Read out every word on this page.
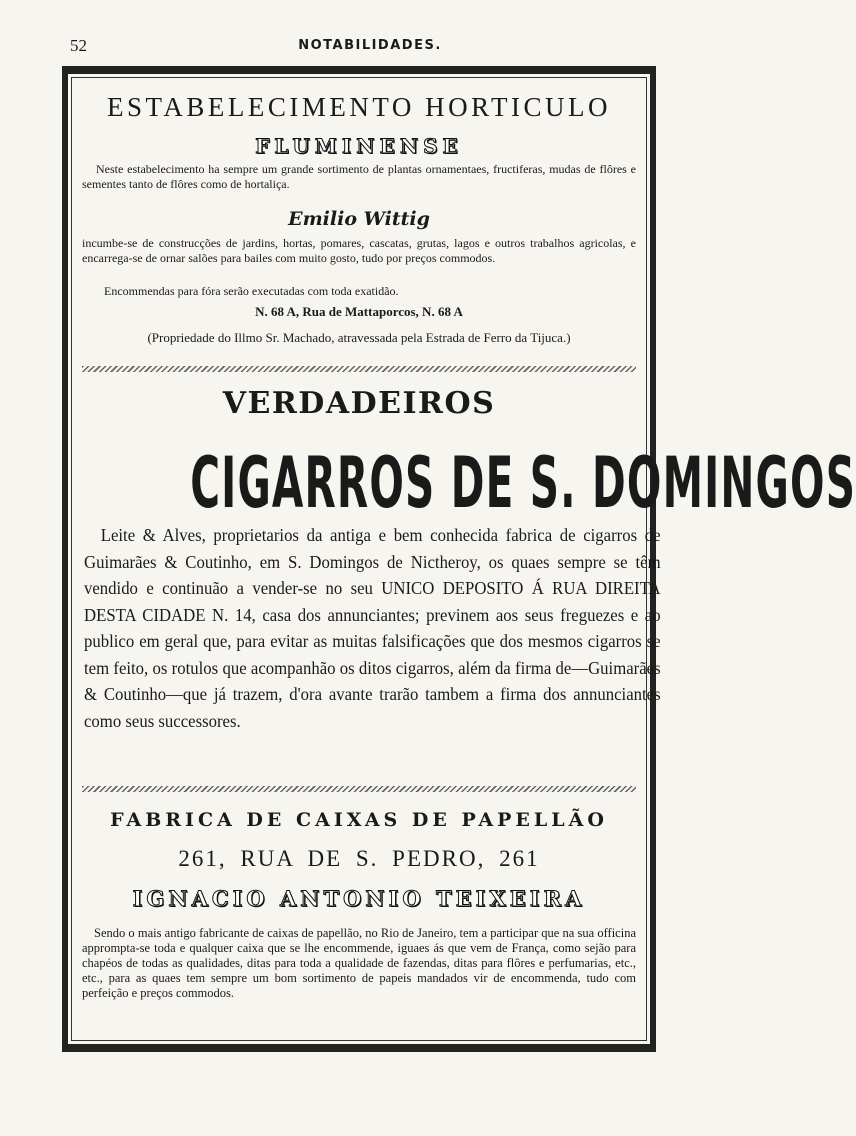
52	NOTABILIDADES.
ESTABELECIMENTO HORTICULO
FLUMINENSE

Neste estabelecimento ha sempre um grande sortimento de plantas ornamentaes, fructiferas, mudas de flôres e sementes tanto de flôres como de hortaliça.

Emilio Wittig

incumbe-se de construcções de jardins, hortas, pomares, cascatas, grutas, lagos e outros trabalhos agricolas, e encarrega-se de ornar salões para bailes com muito gosto, tudo por preços commodos.

Encommendas para fóra serão executadas com toda exatidão.

N. 68 A, Rua de Mattaporcos, N. 68 A
(Propriedade do Illmo Sr. Machado, atravessada pela Estrada de Ferro da Tijuca.)
VERDADEIROS
CIGARROS DE S. DOMINGOS

Leite & Alves, proprietarios da antiga e bem conhecida fabrica de cigarros de Guimarães & Coutinho, em S. Domingos de Nictheroy, os quaes sempre se têm vendido e continuão a vender-se no seu UNICO DEPOSITO Á RUA DIREITA DESTA CIDADE N. 14, casa dos annunciantes; previnem aos seus freguezes e ao publico em geral que, para evitar as muitas falsificações que dos mesmos cigarros se tem feito, os rotulos que acompanhão os ditos cigarros, além da firma de—Guimarães & Coutinho—que já trazem, d'ora avante trarão tambem a firma dos annunciantes como seus successores.

FABRICA DE CAIXAS DE PAPELLÃO
261, RUA DE S. PEDRO, 261
IGNACIO ANTONIO TEIXEIRA

Sendo o mais antigo fabricante de caixas de papellão, no Rio de Janeiro, tem a participar que na sua officina apprompta-se toda e qualquer caixa que se lhe encommende, iguaes ás que vem de França, como sejão para chapéos de todas as qualidades, ditas para toda a qualidade de fazendas, ditas para flôres e perfumarias, etc., etc., para as quaes tem sempre um bom sortimento de papeis mandados vir de encommenda, tudo com perfeição e preços commodos.
